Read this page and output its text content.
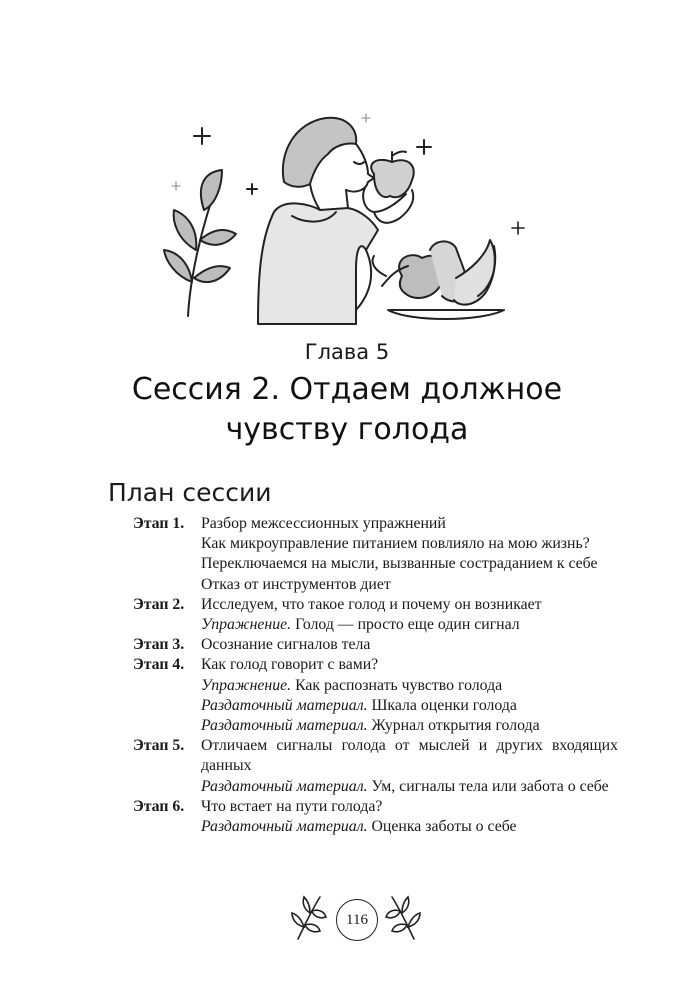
Глава 5
Сессия 2. Отдаем должное
чувству голода
План сессии
Этап 1. Разбор межсессионных упражнений
Как микроуправление питанием повлияло на мою жизнь?
Переключаемся на мысли, вызванные состраданием к себе
Отказ от инструментов диет
Этап 2. Исследуем, что такое голод и почему он возникает
Упражнение. Голод — просто еще один сигнал
Этап 3. Осознание сигналов тела
Этап 4. Как голод говорит с вами?
Упражнение. Как распознать чувство голода
Раздаточный материал. Шкала оценки голода
Раздаточный материал. Журнал открытия голода
Этап 5. Отличаем сигналы голода от мыслей и других входящих данных
Раздаточный материал. Ум, сигналы тела или забота о себе
Этап 6. Что встает на пути голода?
Раздаточный материал. Оценка заботы о себе
116
